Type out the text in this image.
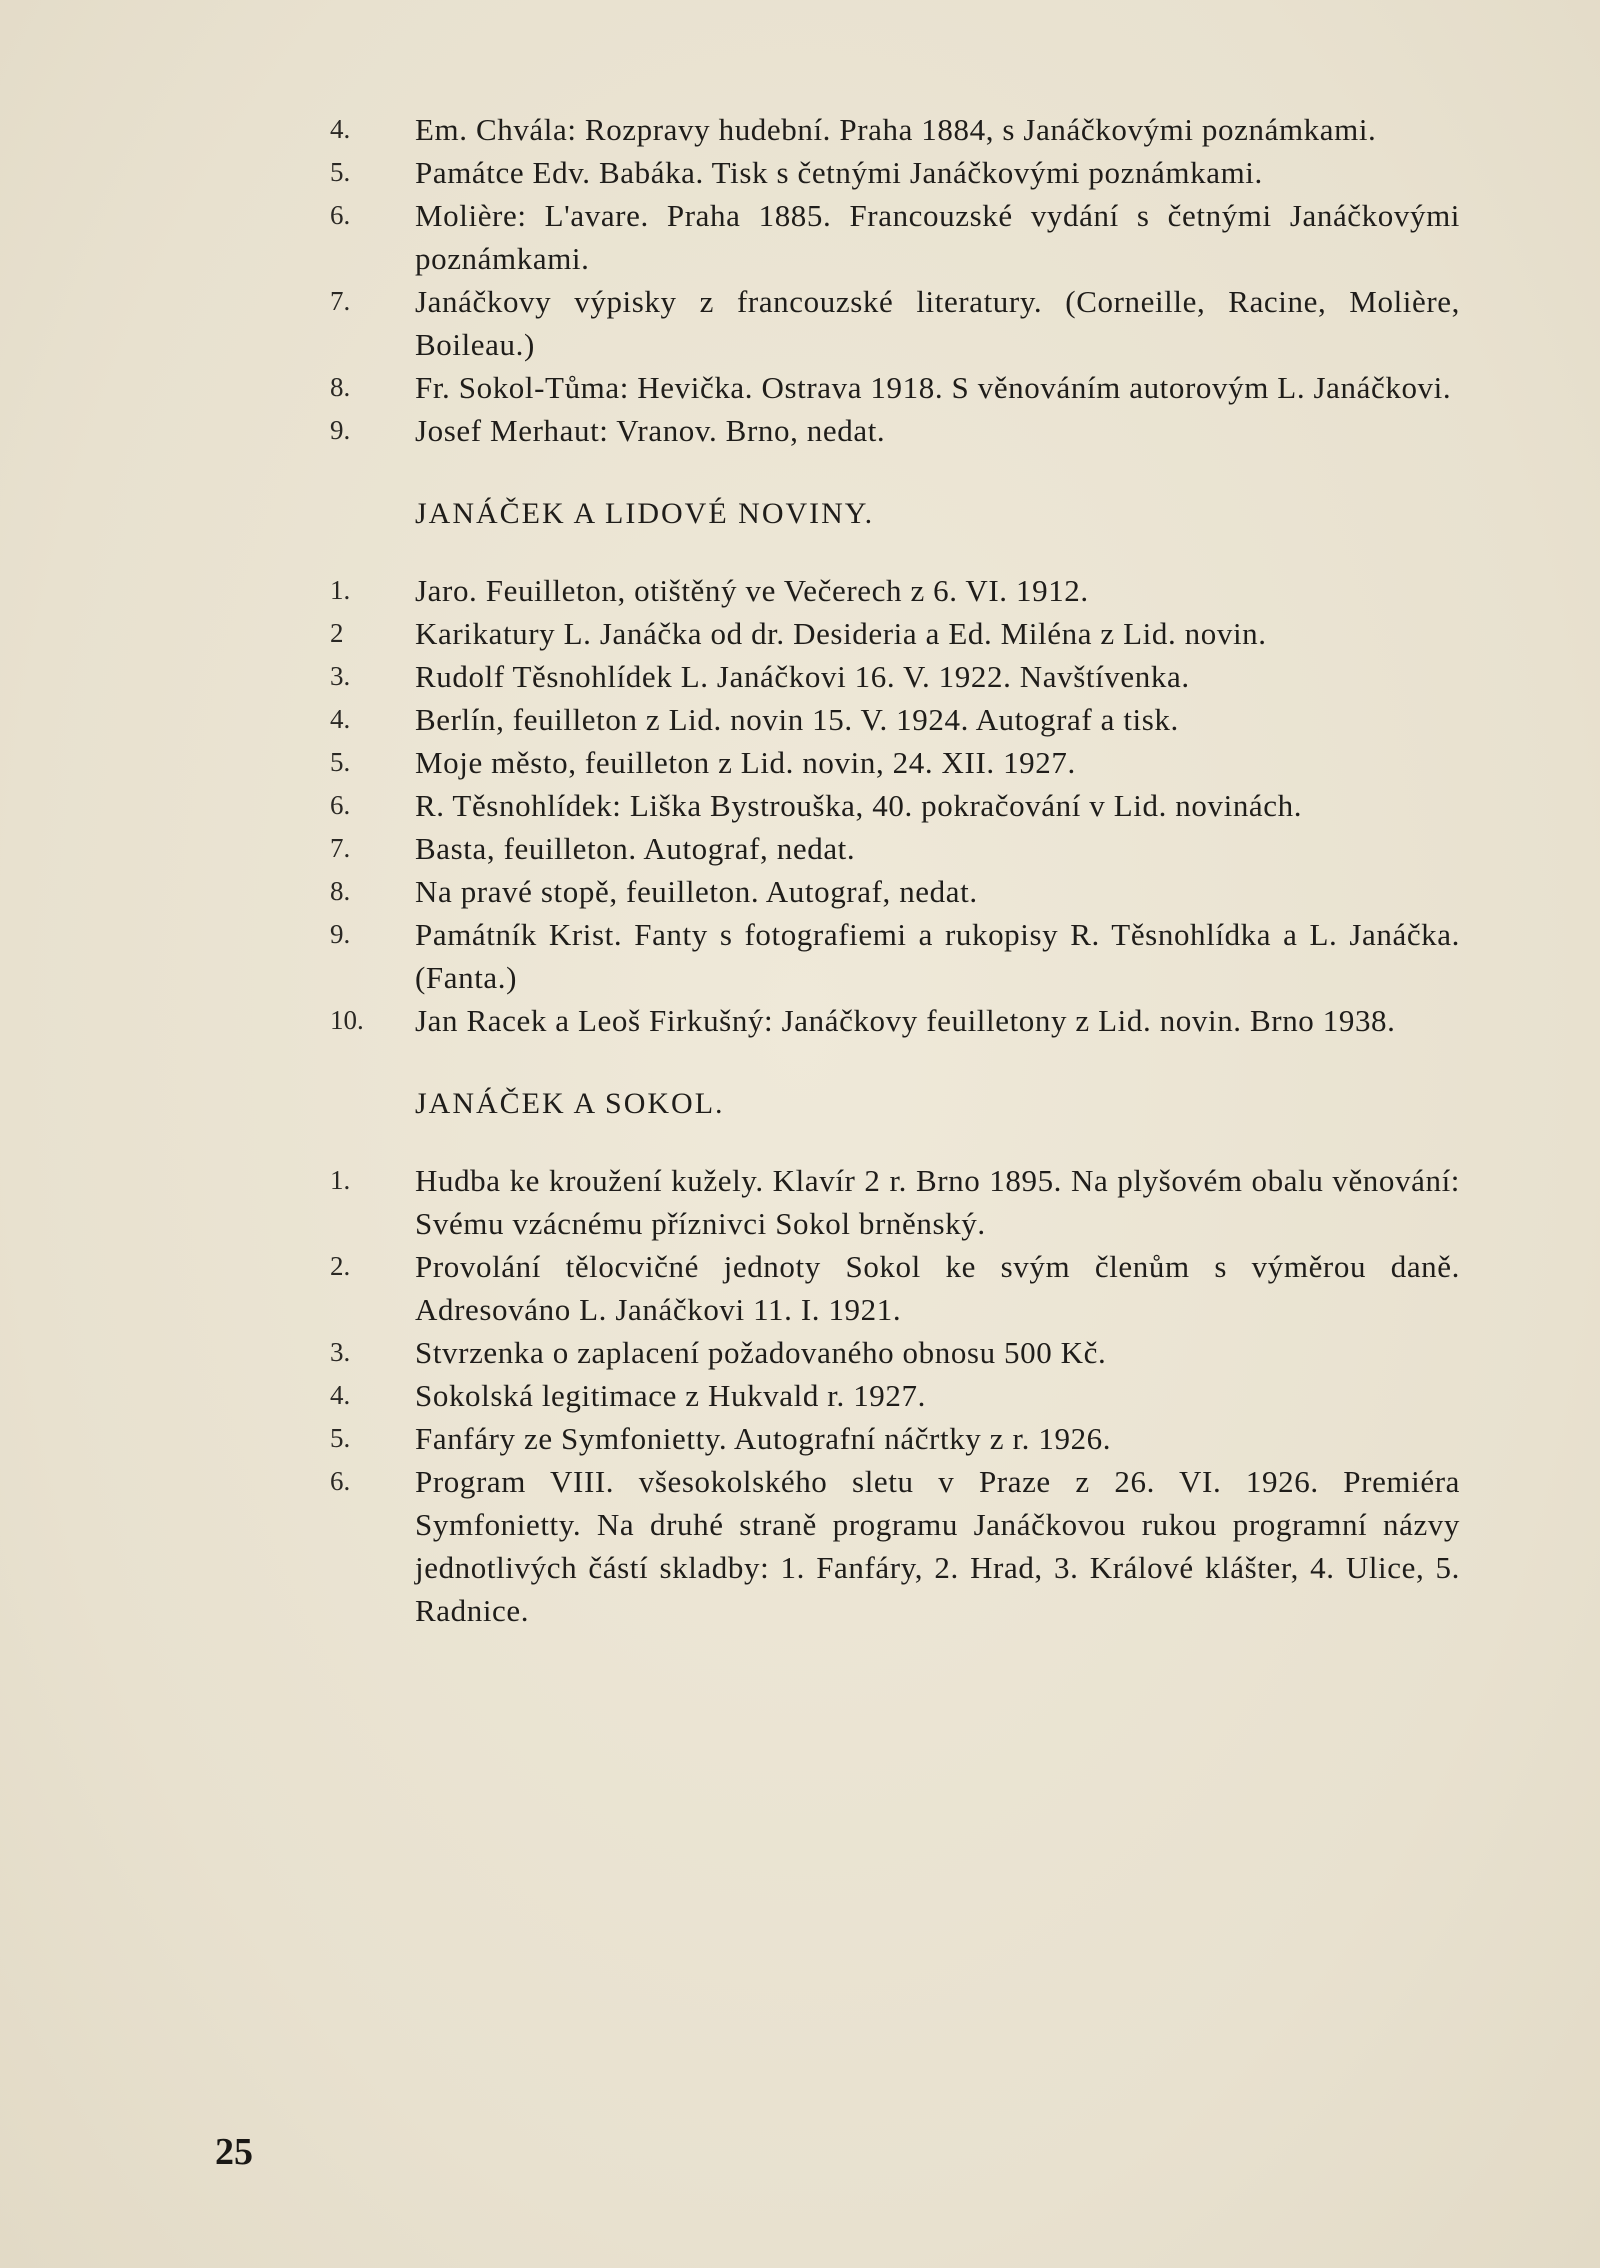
4.	Em. Chvála: Rozpravy hudební. Praha 1884, s Janáčkovými poznámkami.
5.	Památce Edv. Babáka. Tisk s četnými Janáčkovými poznámkami.
6.	Molière: L'avare. Praha 1885. Francouzské vydání s četnými Janáčkovými poznámkami.
7.	Janáčkovy výpisky z francouzské literatury. (Corneille, Racine, Molière, Boileau.)
8.	Fr. Sokol-Tůma: Hevička. Ostrava 1918. S věnováním autorovým L. Janáčkovi.
9.	Josef Merhaut: Vranov. Brno, nedat.
JANÁČEK A LIDOVÉ NOVINY.
1.	Jaro. Feuilleton, otištěný ve Večerech z 6. VI. 1912.
2	Karikatury L. Janáčka od dr. Desideria a Ed. Miléna z Lid. novin.
3.	Rudolf Těsnohlídek L. Janáčkovi 16. V. 1922. Navštívenka.
4.	Berlín, feuilleton z Lid. novin 15. V. 1924. Autograf a tisk.
5.	Moje město, feuilleton z Lid. novin, 24. XII. 1927.
6.	R. Těsnohlídek: Liška Bystrouška, 40. pokračování v Lid. novinách.
7.	Basta, feuilleton. Autograf, nedat.
8.	Na pravé stopě, feuilleton. Autograf, nedat.
9.	Památník Krist. Fanty s fotografiemi a rukopisy R. Těsnohlídka a L. Janáčka. (Fanta.)
10.	Jan Racek a Leoš Firkušný: Janáčkovy feuilletony z Lid. novin. Brno 1938.
JANÁČEK A SOKOL.
1.	Hudba ke kroužení kužely. Klavír 2 r. Brno 1895. Na plyšovém obalu věnování: Svému vzácnému příznivci Sokol brněnský.
2.	Provolání tělocvičné jednoty Sokol ke svým členům s výměrou daně. Adresováno L. Janáčkovi 11. I. 1921.
3.	Stvrzenka o zaplacení požadovaného obnosu 500 Kč.
4.	Sokolská legitimace z Hukvald r. 1927.
5.	Fanfáry ze Symfonietty. Autografní náčrtky z r. 1926.
6.	Program VIII. všesokolského sletu v Praze z 26. VI. 1926. Premiéra Symfonietty. Na druhé straně programu Janáčkovou rukou programní názvy jednotlivých částí skladby: 1. Fanfáry, 2. Hrad, 3. Králové klášter, 4. Ulice, 5. Radnice.
25
